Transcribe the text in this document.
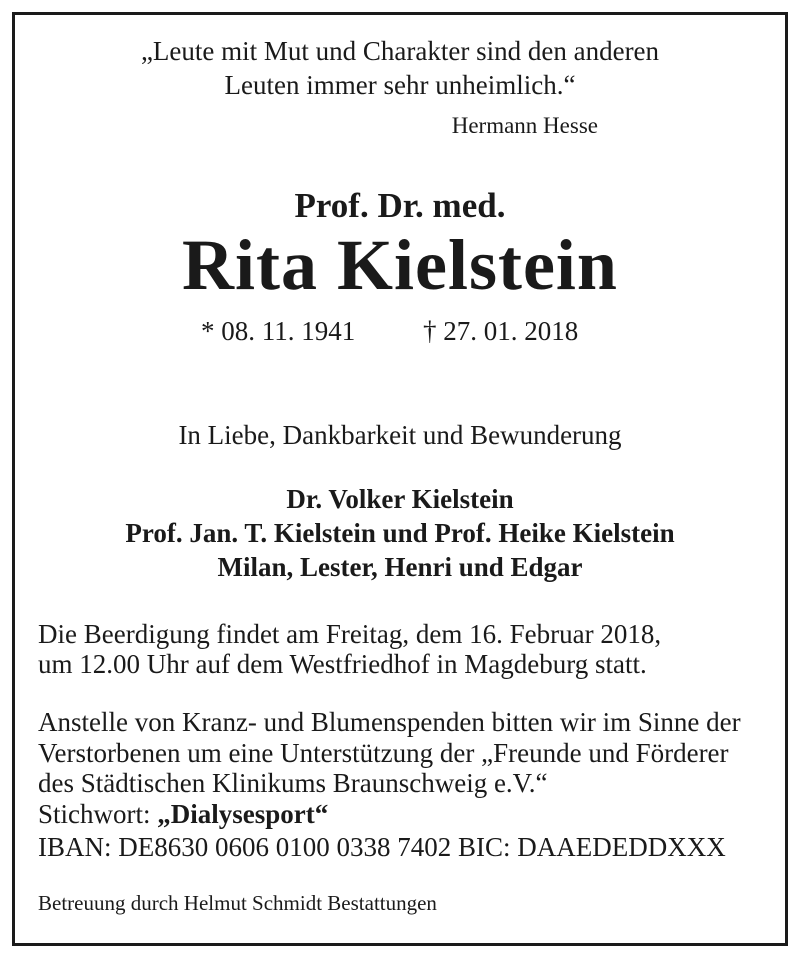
„Leute mit Mut und Charakter sind den anderen
Leuten immer sehr unheimlich.“
Hermann Hesse
Prof. Dr. med.
Rita Kielstein
* 08. 11. 1941	† 27. 01. 2018
In Liebe, Dankbarkeit und Bewunderung
Dr. Volker Kielstein
Prof. Jan. T. Kielstein und Prof. Heike Kielstein
Milan, Lester, Henri und Edgar
Die Beerdigung findet am Freitag, dem 16. Februar 2018,
um 12.00 Uhr auf dem Westfriedhof in Magdeburg statt.
Anstelle von Kranz- und Blumenspenden bitten wir im Sinne der
Verstorbenen um eine Unterstützung der „Freunde und Förderer
des Städtischen Klinikums Braunschweig e.V.“
Stichwort: „Dialysesport“
IBAN: DE8630 0606 0100 0338 7402 BIC: DAAEDEDDXXX
Betreuung durch Helmut Schmidt Bestattungen
